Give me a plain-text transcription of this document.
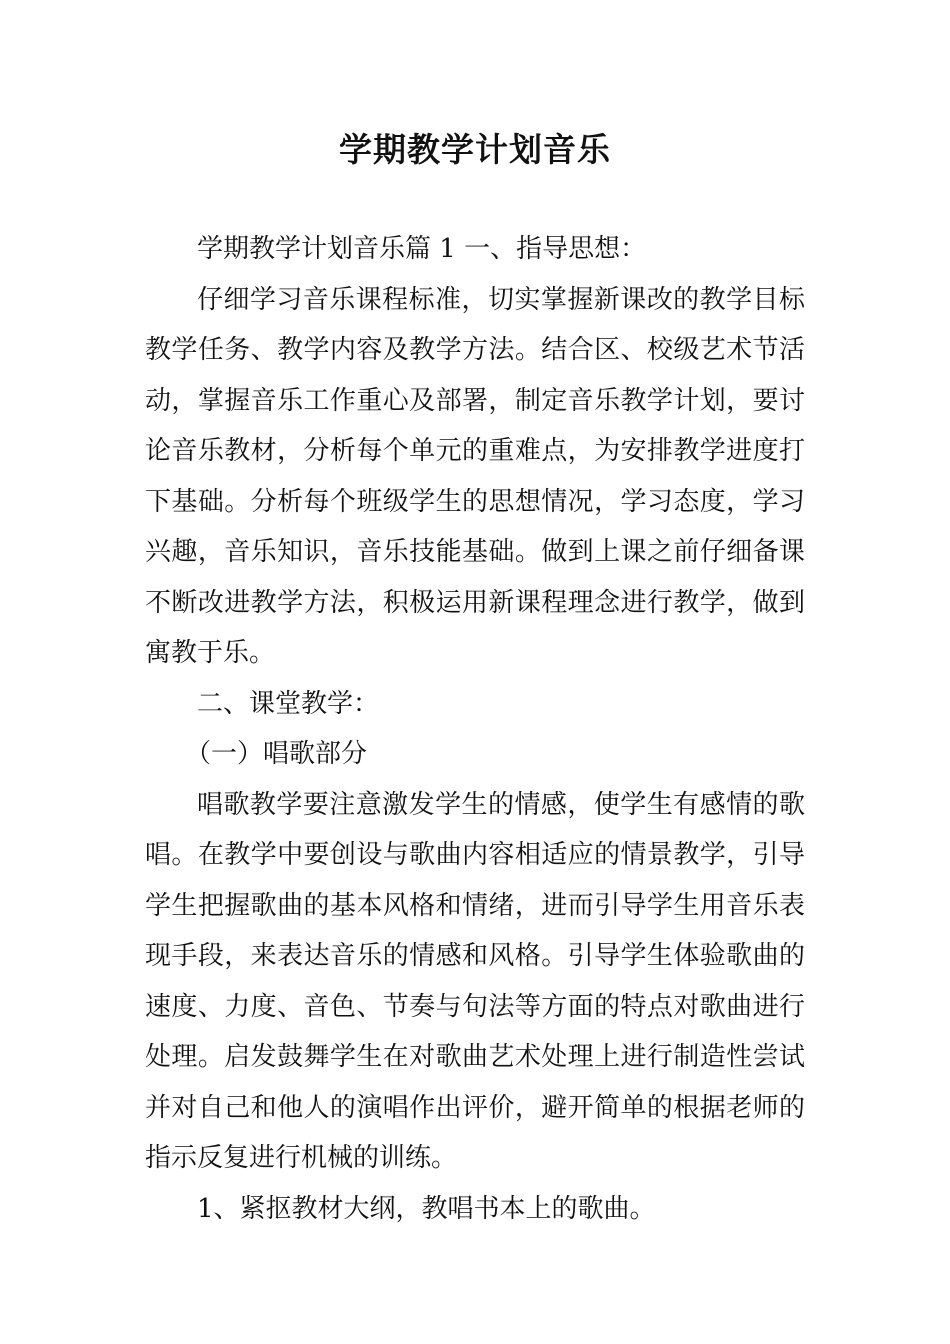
学期教学计划音乐

学期教学计划音乐篇 1 一、指导思想：

仔细学习音乐课程标准，切实掌握新课改的教学目标

教学任务、教学内容及教学方法。结合区、校级艺术节活

动，掌握音乐工作重心及部署，制定音乐教学计划，要讨

论音乐教材，分析每个单元的重难点，为安排教学进度打

下基础。分析每个班级学生的思想情况，学习态度，学习

兴趣，音乐知识，音乐技能基础。做到上课之前仔细备课

不断改进教学方法，积极运用新课程理念进行教学，做到

寓教于乐。

二、课堂教学：

（一）唱歌部分

唱歌教学要注意激发学生的情感，使学生有感情的歌

唱。在教学中要创设与歌曲内容相适应的情景教学，引导

学生把握歌曲的基本风格和情绪，进而引导学生用音乐表

现手段，来表达音乐的情感和风格。引导学生体验歌曲的

速度、力度、音色、节奏与句法等方面的特点对歌曲进行

处理。启发鼓舞学生在对歌曲艺术处理上进行制造性尝试

并对自己和他人的演唱作出评价，避开简单的根据老师的

指示反复进行机械的训练。

1、紧抠教材大纲，教唱书本上的歌曲。
